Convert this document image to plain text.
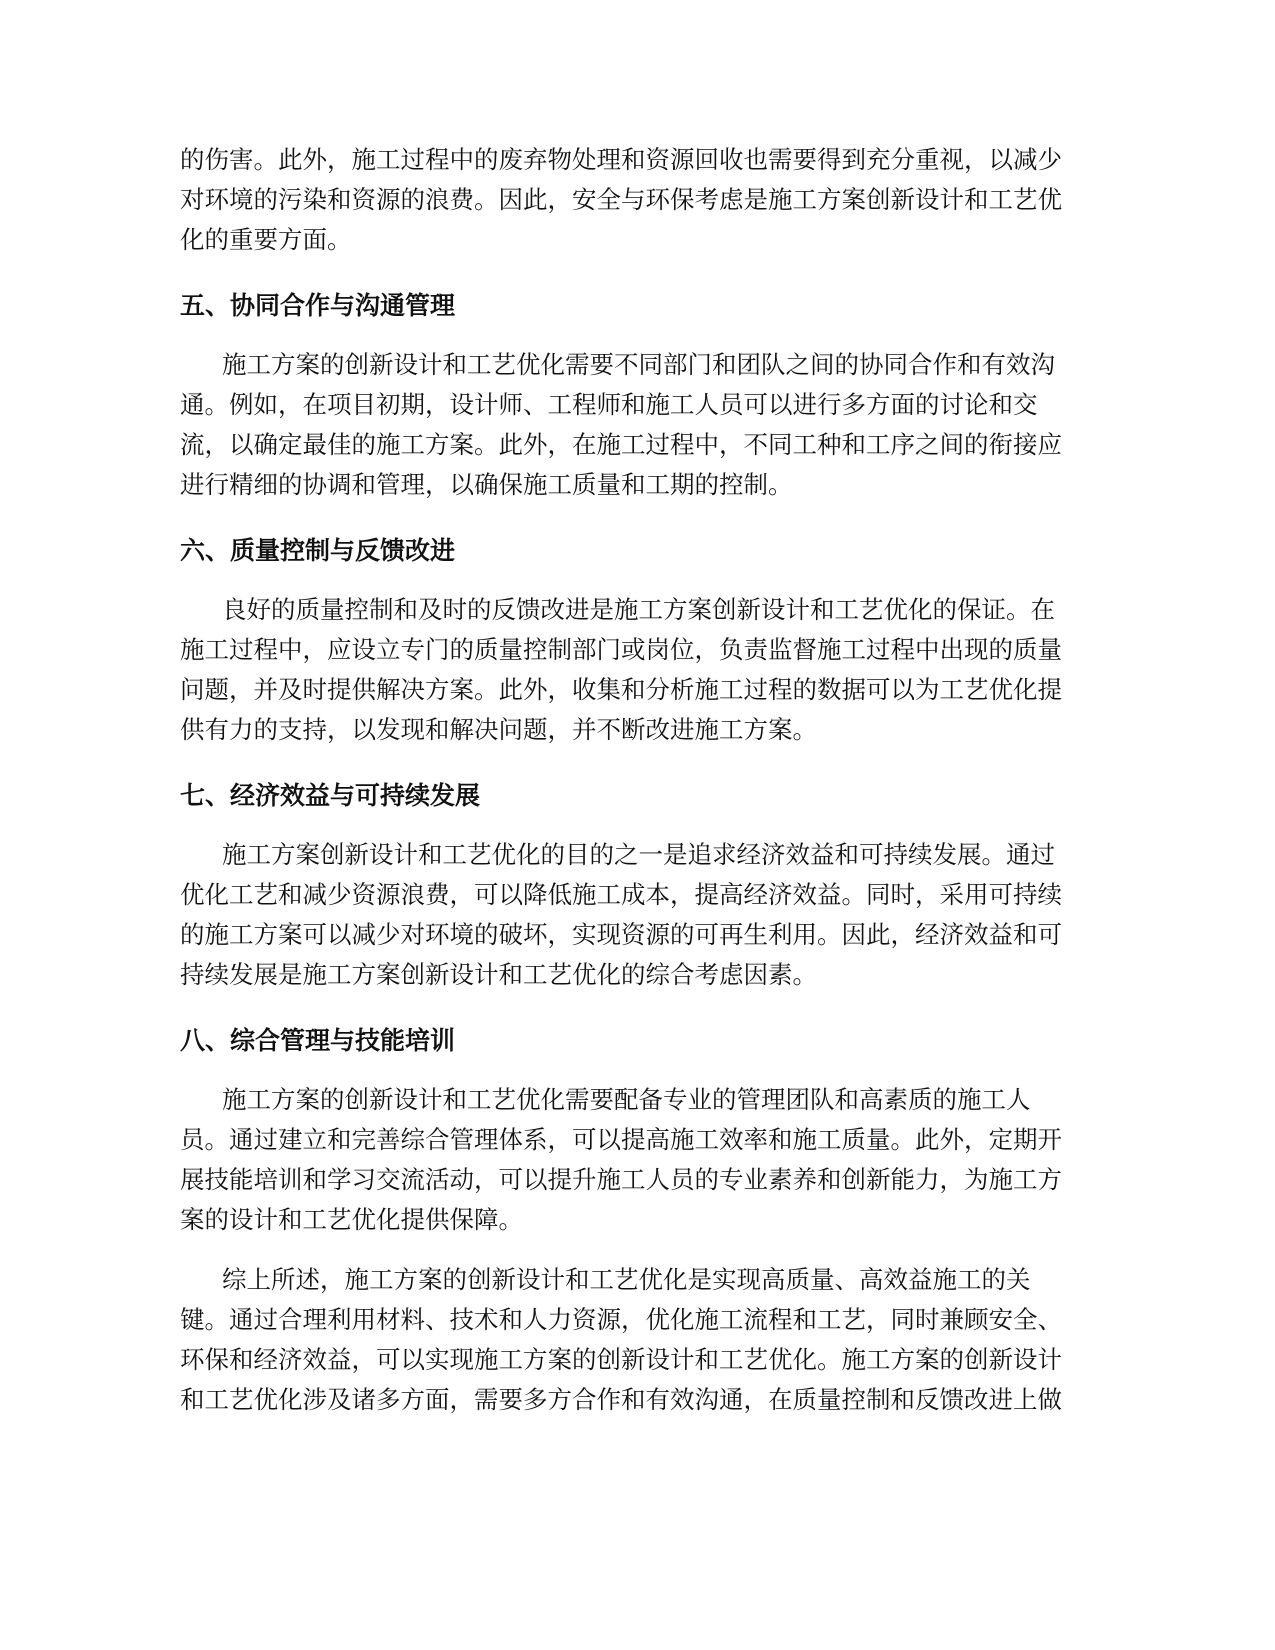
的伤害。此外，施工过程中的废弃物处理和资源回收也需要得到充分重视，以减少
对环境的污染和资源的浪费。因此，安全与环保考虑是施工方案创新设计和工艺优
化的重要方面。

五、协同合作与沟通管理

施工方案的创新设计和工艺优化需要不同部门和团队之间的协同合作和有效沟
通。例如，在项目初期，设计师、工程师和施工人员可以进行多方面的讨论和交
流，以确定最佳的施工方案。此外，在施工过程中，不同工种和工序之间的衔接应
进行精细的协调和管理，以确保施工质量和工期的控制。

六、质量控制与反馈改进

良好的质量控制和及时的反馈改进是施工方案创新设计和工艺优化的保证。在
施工过程中，应设立专门的质量控制部门或岗位，负责监督施工过程中出现的质量
问题，并及时提供解决方案。此外，收集和分析施工过程的数据可以为工艺优化提
供有力的支持，以发现和解决问题，并不断改进施工方案。

七、经济效益与可持续发展

施工方案创新设计和工艺优化的目的之一是追求经济效益和可持续发展。通过
优化工艺和减少资源浪费，可以降低施工成本，提高经济效益。同时，采用可持续
的施工方案可以减少对环境的破坏，实现资源的可再生利用。因此，经济效益和可
持续发展是施工方案创新设计和工艺优化的综合考虑因素。

八、综合管理与技能培训

施工方案的创新设计和工艺优化需要配备专业的管理团队和高素质的施工人
员。通过建立和完善综合管理体系，可以提高施工效率和施工质量。此外，定期开
展技能培训和学习交流活动，可以提升施工人员的专业素养和创新能力，为施工方
案的设计和工艺优化提供保障。

综上所述，施工方案的创新设计和工艺优化是实现高质量、高效益施工的关
键。通过合理利用材料、技术和人力资源，优化施工流程和工艺，同时兼顾安全、
环保和经济效益，可以实现施工方案的创新设计和工艺优化。施工方案的创新设计
和工艺优化涉及诸多方面，需要多方合作和有效沟通，在质量控制和反馈改进上做
